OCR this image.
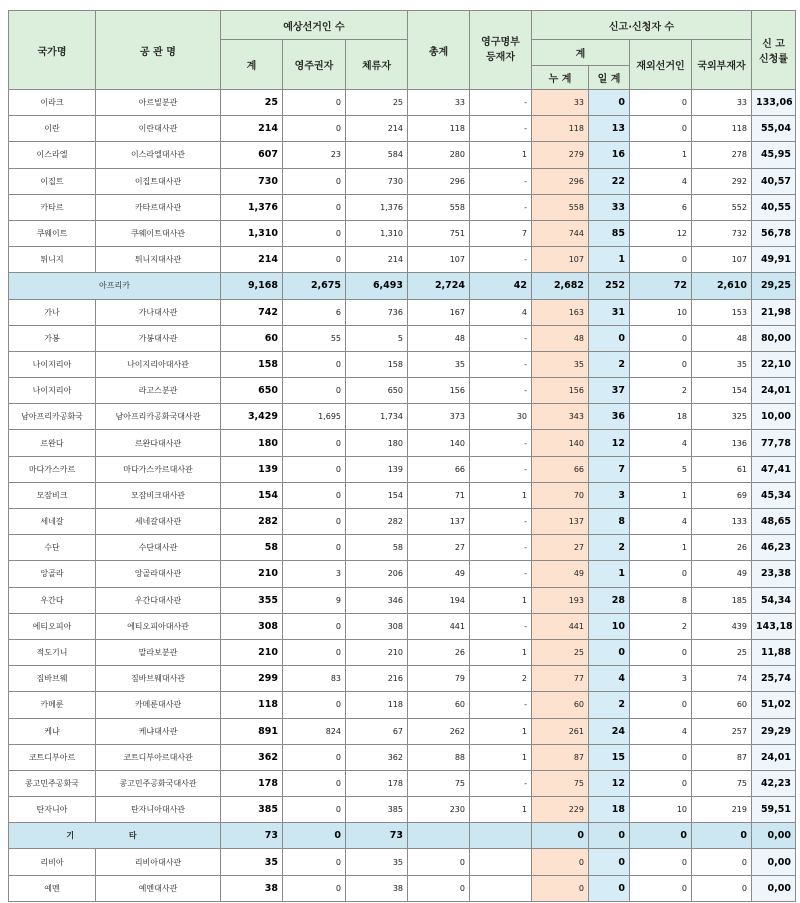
국가명	공 관 명	예상선거인 수			총계	영구명부
등재자	신고·신청자 수				신 고
신청률
		계	영주권자	체류자			계		재외선거인	국외부재자	
							누 계	일 계			
이라크	아르빌분관	25	0	25	33	-	33	0	0	33	133,06
이란	이란대사관	214	0	214	118	-	118	13	0	118	55,04
이스라엘	이스라엘대사관	607	23	584	280	1	279	16	1	278	45,95
이집트	이집트대사관	730	0	730	296	-	296	22	4	292	40,57
카타르	카타르대사관	1,376	0	1,376	558	-	558	33	6	552	40,55
쿠웨이트	쿠웨이트대사관	1,310	0	1,310	751	7	744	85	12	732	56,78
튀니지	튀니지대사관	214	0	214	107	-	107	1	0	107	49,91
아프리카		9,168	2,675	6,493	2,724	42	2,682	252	72	2,610	29,25
가나	가나대사관	742	6	736	167	4	163	31	10	153	21,98
가봉	가봉대사관	60	55	5	48	-	48	0	0	48	80,00
나이지리아	나이지리아대사관	158	0	158	35	-	35	2	0	35	22,10
나이지리아	라고스분관	650	0	650	156	-	156	37	2	154	24,01
남아프리카공화국	남아프리카공화국대사관	3,429	1,695	1,734	373	30	343	36	18	325	10,00
르완다	르완다대사관	180	0	180	140	-	140	12	4	136	77,78
마다가스카르	마다가스카르대사관	139	0	139	66	-	66	7	5	61	47,41
모잠비크	모잠비크대사관	154	0	154	71	1	70	3	1	69	45,34
세네갈	세네갈대사관	282	0	282	137	-	137	8	4	133	48,65
수단	수단대사관	58	0	58	27	-	27	2	1	26	46,23
앙골라	앙골라대사관	210	3	206	49	-	49	1	0	49	23,38
우간다	우간다대사관	355	9	346	194	1	193	28	8	185	54,34
에티오피아	에티오피아대사관	308	0	308	441	-	441	10	2	439	143,18
적도기니	말라보분관	210	0	210	26	1	25	0	0	25	11,88
짐바브웨	짐바브웨대사관	299	83	216	79	2	77	4	3	74	25,74
카메룬	카메룬대사관	118	0	118	60	-	60	2	0	60	51,02
케냐	케냐대사관	891	824	67	262	1	261	24	4	257	29,29
코트디부아르	코트디부아르대사관	362	0	362	88	1	87	15	0	87	24,01
콩고민주공화국	콩고민주공화국대사관	178	0	178	75	-	75	12	0	75	42,23
탄자니아	탄자니아대사관	385	0	385	230	1	229	18	10	219	59,51
기 타		73	0	73			0	0	0	0	0,00
리비아	리비아대사관	35	0	35	0		0	0	0	0	0,00
예멘	예멘대사관	38	0	38	0		0	0	0	0	0,00
